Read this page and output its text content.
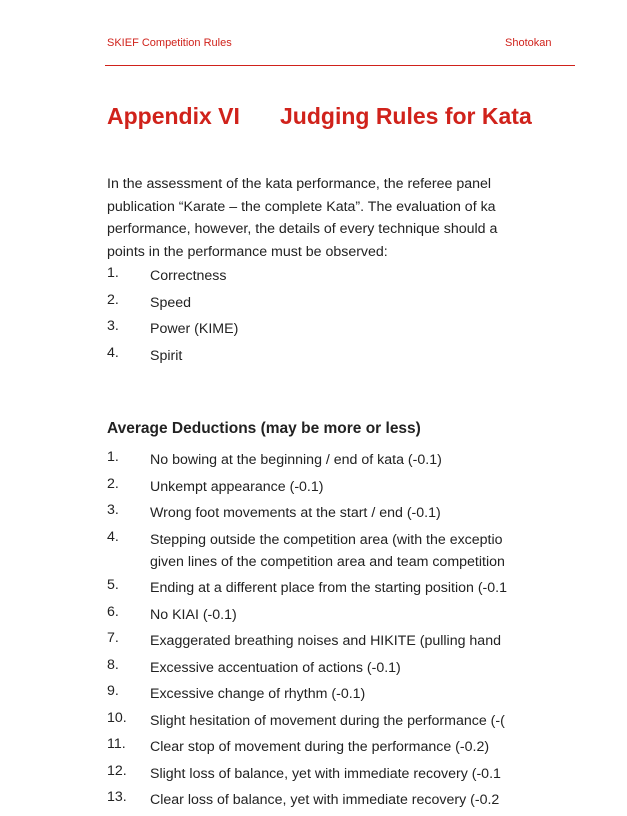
SKIEF Competition Rules	Shotokan
Appendix VI Judging Rules for Kata
In the assessment of the kata performance, the referee panel
publication “Karate – the complete Kata”. The evaluation of ka
performance, however, the details of every technique should a
points in the performance must be observed:
1. Correctness
2. Speed
3. Power (KIME)
4. Spirit
Average Deductions (may be more or less)
1. No bowing at the beginning / end of kata (-0.1)
2. Unkempt appearance (-0.1)
3. Wrong foot movements at the start / end (-0.1)
4. Stepping outside the competition area (with the exceptio
given lines of the competition area and team competition
5. Ending at a different place from the starting position (-0.1
6. No KIAI (-0.1)
7. Exaggerated breathing noises and HIKITE (pulling hand
8. Excessive accentuation of actions (-0.1)
9. Excessive change of rhythm (-0.1)
10. Slight hesitation of movement during the performance (-(
11. Clear stop of movement during the performance (-0.2)
12. Slight loss of balance, yet with immediate recovery (-0.1
13. Clear loss of balance, yet with immediate recovery (-0.2
